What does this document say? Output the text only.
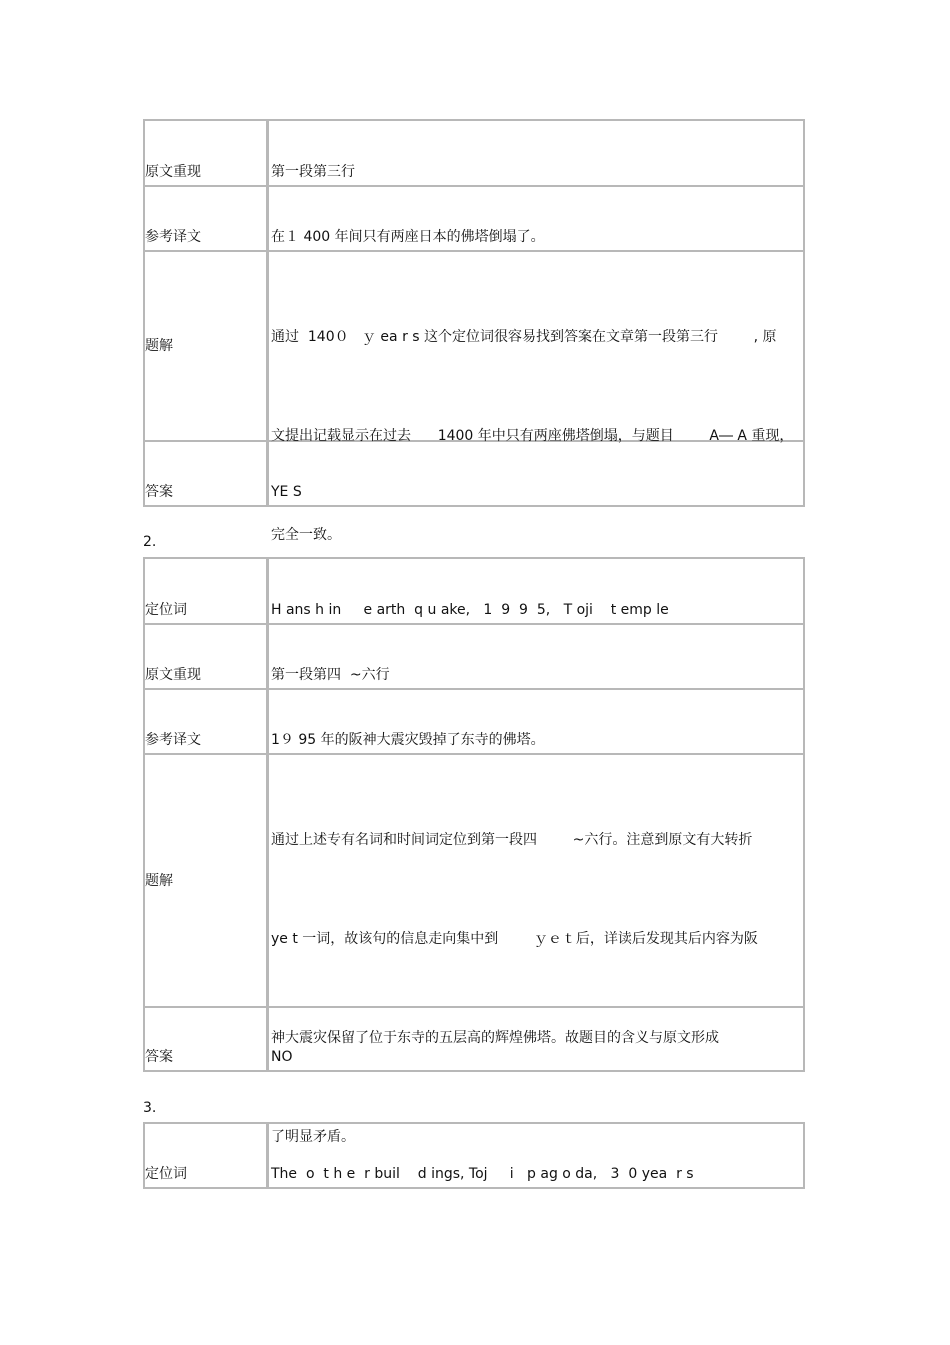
原文重现	第一段第三行
参考译文	在１ 400 年间只有两座日本的佛塔倒塌了。
题解

通过  140０   ｙ ea r s 这个定位词很容易找到答案在文章第一段第三行        , 原

文提出记载显示在过去      1400 年中只有两座佛塔倒塌，与题目        A― A 重现，

完全一致。

答案	YE S
2.
定位词	H ans h in     e arth  q u ake,   1  9  9  5,   T oji    t emp le
原文重现	第一段第四  ~六行
参考译文	1９ 95 年的阪神大震灾毁掉了东寺的佛塔。
题解

通过上述专有名词和时间词定位到第一段四        ~六行。注意到原文有大转折

ye t 一词，故该句的信息走向集中到        ｙｅｔ后，详读后发现其后内容为阪

神大震灾保留了位于东寺的五层高的辉煌佛塔。故题目的含义与原文形成

了明显矛盾。

答案	NO
3.
定位词	The  o  t h e  r buil    d ings, Toj     i   p ag o da,   3  0 yea  r s
